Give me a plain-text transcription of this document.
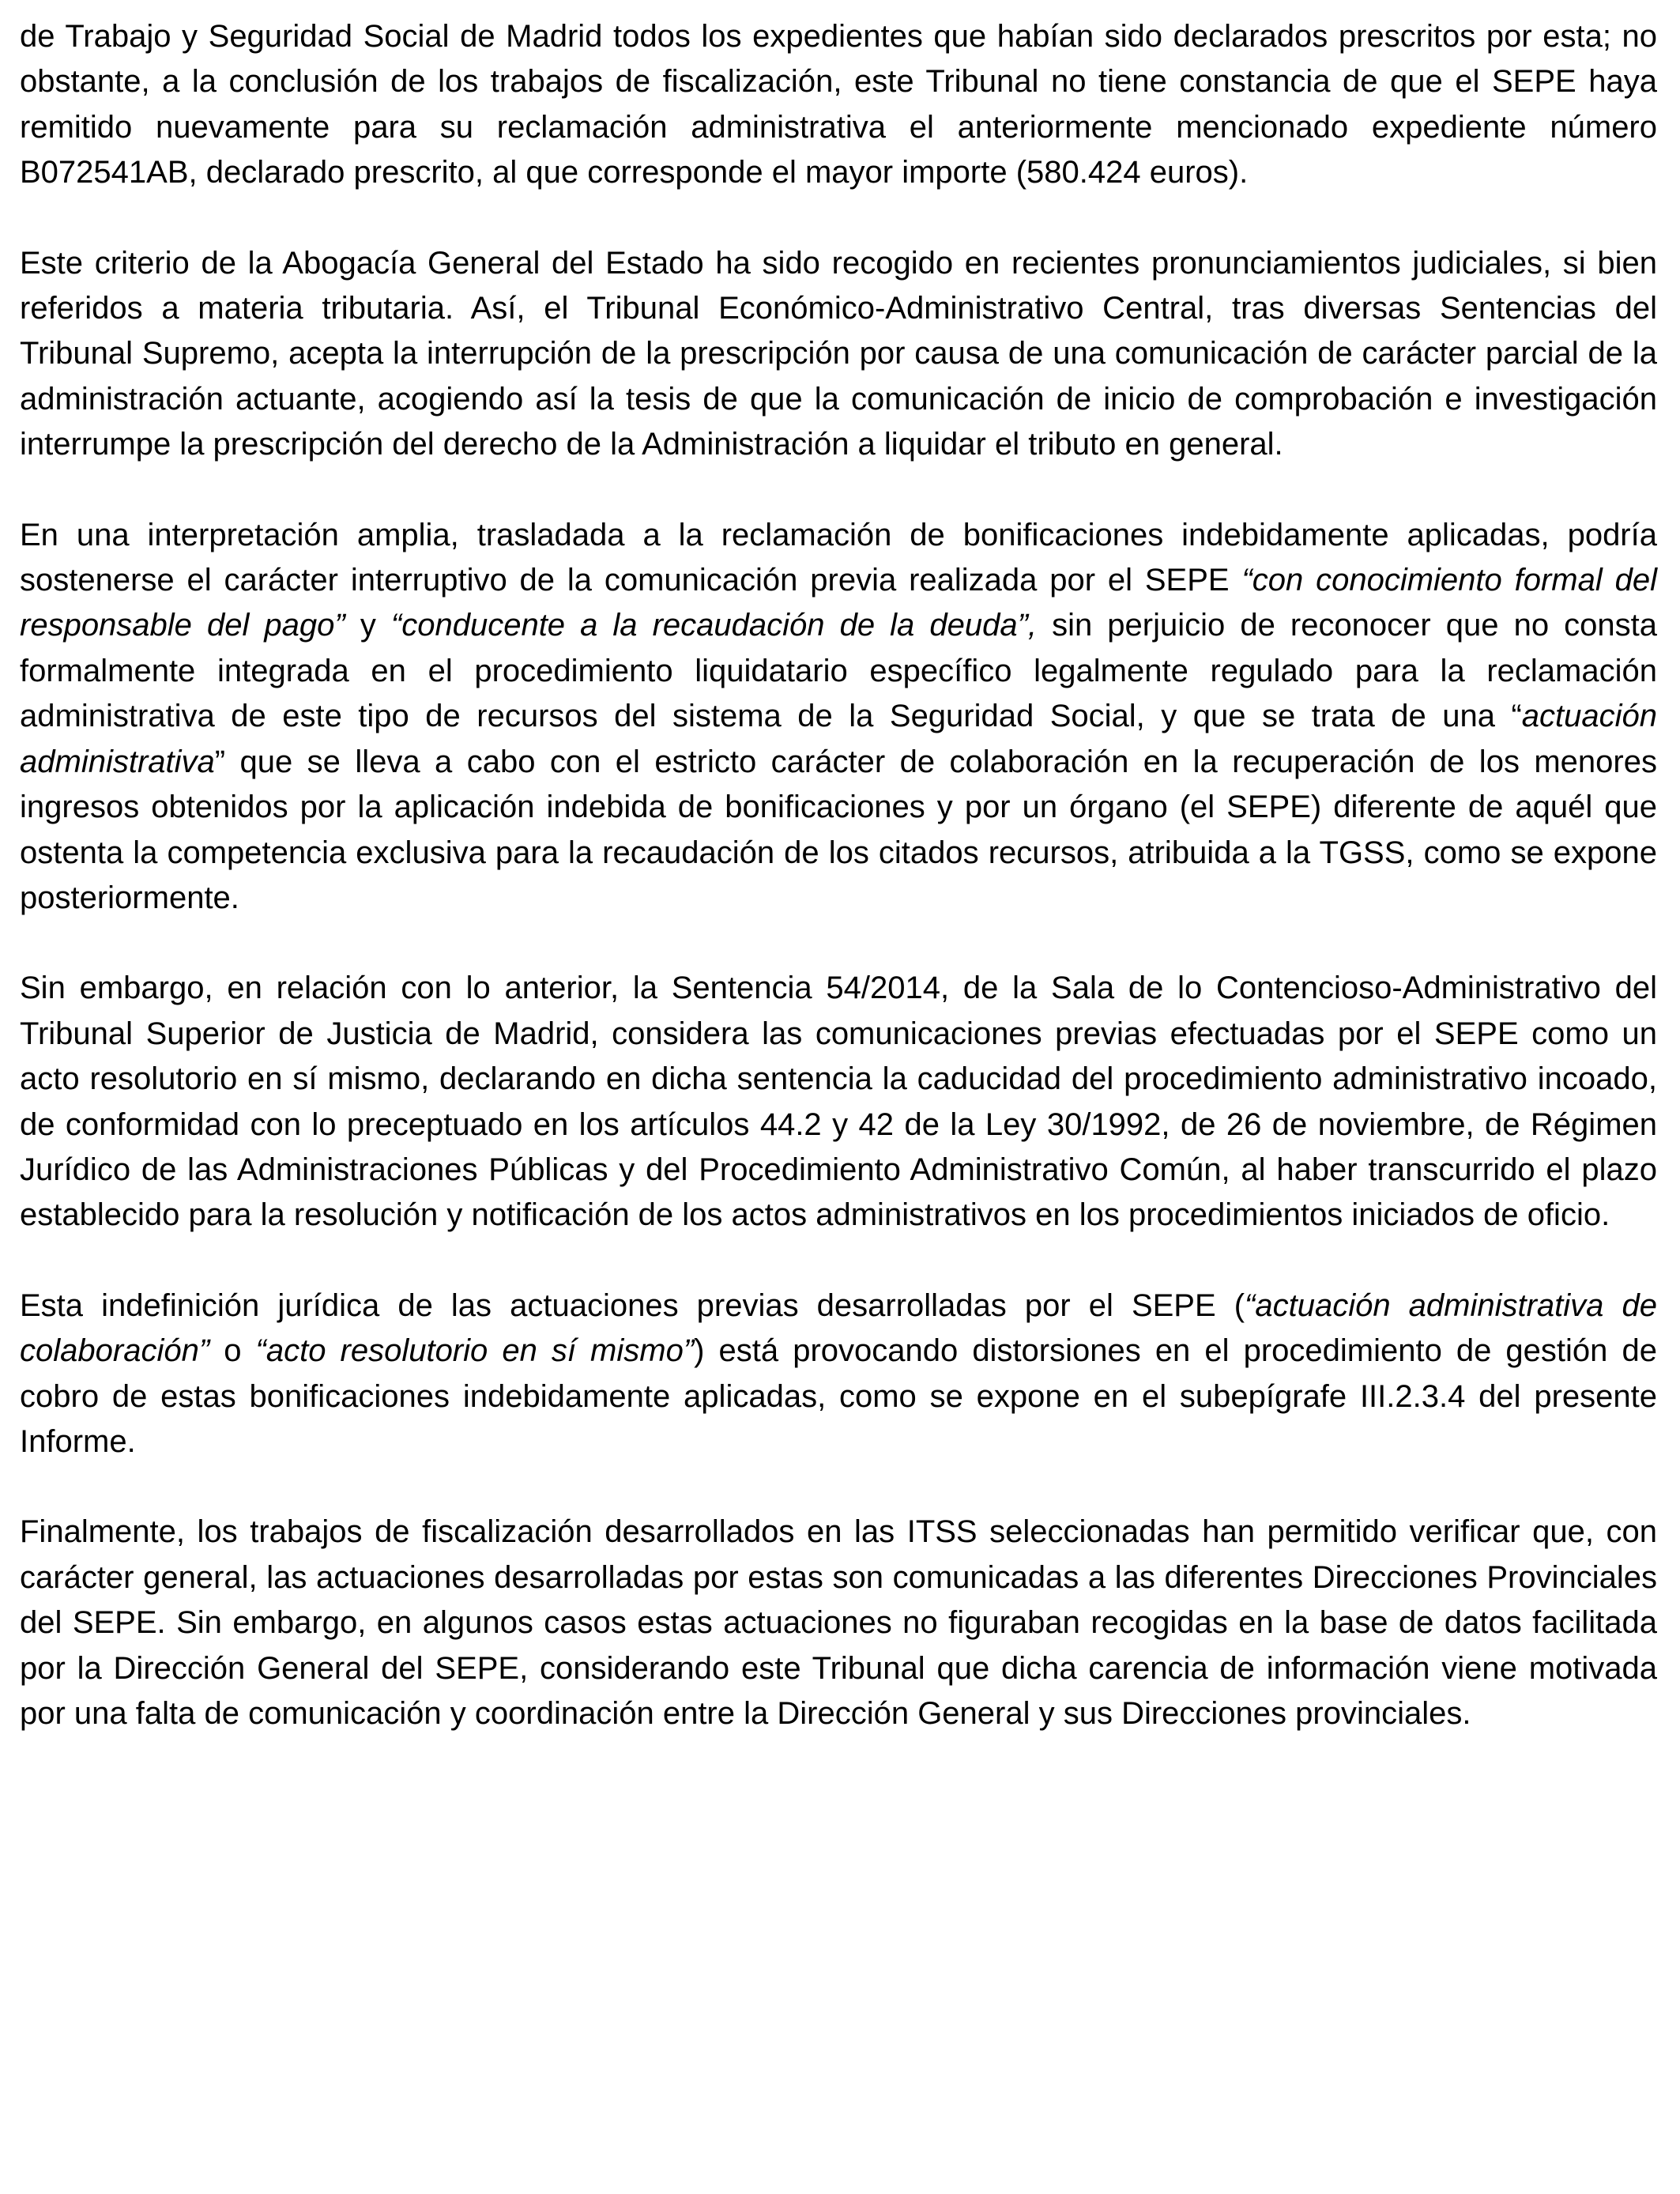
de Trabajo y Seguridad Social de Madrid todos los expedientes que habían sido declarados prescritos por esta; no obstante, a la conclusión de los trabajos de fiscalización, este Tribunal no tiene constancia de que el SEPE haya remitido nuevamente para su reclamación administrativa el anteriormente mencionado expediente número B072541AB, declarado prescrito, al que corresponde el mayor importe (580.424 euros).

Este criterio de la Abogacía General del Estado ha sido recogido en recientes pronunciamientos judiciales, si bien referidos a materia tributaria. Así, el Tribunal Económico-Administrativo Central, tras diversas Sentencias del Tribunal Supremo, acepta la interrupción de la prescripción por causa de una comunicación de carácter parcial de la administración actuante, acogiendo así la tesis de que la comunicación de inicio de comprobación e investigación interrumpe la prescripción del derecho de la Administración a liquidar el tributo en general.

En una interpretación amplia, trasladada a la reclamación de bonificaciones indebidamente aplicadas, podría sostenerse el carácter interruptivo de la comunicación previa realizada por el SEPE “con conocimiento formal del responsable del pago” y “conducente a la recaudación de la deuda”, sin perjuicio de reconocer que no consta formalmente integrada en el procedimiento liquidatario específico legalmente regulado para la reclamación administrativa de este tipo de recursos del sistema de la Seguridad Social, y que se trata de una “actuación administrativa” que se lleva a cabo con el estricto carácter de colaboración en la recuperación de los menores ingresos obtenidos por la aplicación indebida de bonificaciones y por un órgano (el SEPE) diferente de aquél que ostenta la competencia exclusiva para la recaudación de los citados recursos, atribuida a la TGSS, como se expone posteriormente.

Sin embargo, en relación con lo anterior, la Sentencia 54/2014, de la Sala de lo Contencioso-Administrativo del Tribunal Superior de Justicia de Madrid, considera las comunicaciones previas efectuadas por el SEPE como un acto resolutorio en sí mismo, declarando en dicha sentencia la caducidad del procedimiento administrativo incoado, de conformidad con lo preceptuado en los artículos 44.2 y 42 de la Ley 30/1992, de 26 de noviembre, de Régimen Jurídico de las Administraciones Públicas y del Procedimiento Administrativo Común, al haber transcurrido el plazo establecido para la resolución y notificación de los actos administrativos en los procedimientos iniciados de oficio.

Esta indefinición jurídica de las actuaciones previas desarrolladas por el SEPE (“actuación administrativa de colaboración” o “acto resolutorio en sí mismo”) está provocando distorsiones en el procedimiento de gestión de cobro de estas bonificaciones indebidamente aplicadas, como se expone en el subepígrafe III.2.3.4 del presente Informe.

Finalmente, los trabajos de fiscalización desarrollados en las ITSS seleccionadas han permitido verificar que, con carácter general, las actuaciones desarrolladas por estas son comunicadas a las diferentes Direcciones Provinciales del SEPE. Sin embargo, en algunos casos estas actuaciones no figuraban recogidas en la base de datos facilitada por la Dirección General del SEPE, considerando este Tribunal que dicha carencia de información viene motivada por una falta de comunicación y coordinación entre la Dirección General y sus Direcciones provinciales.
